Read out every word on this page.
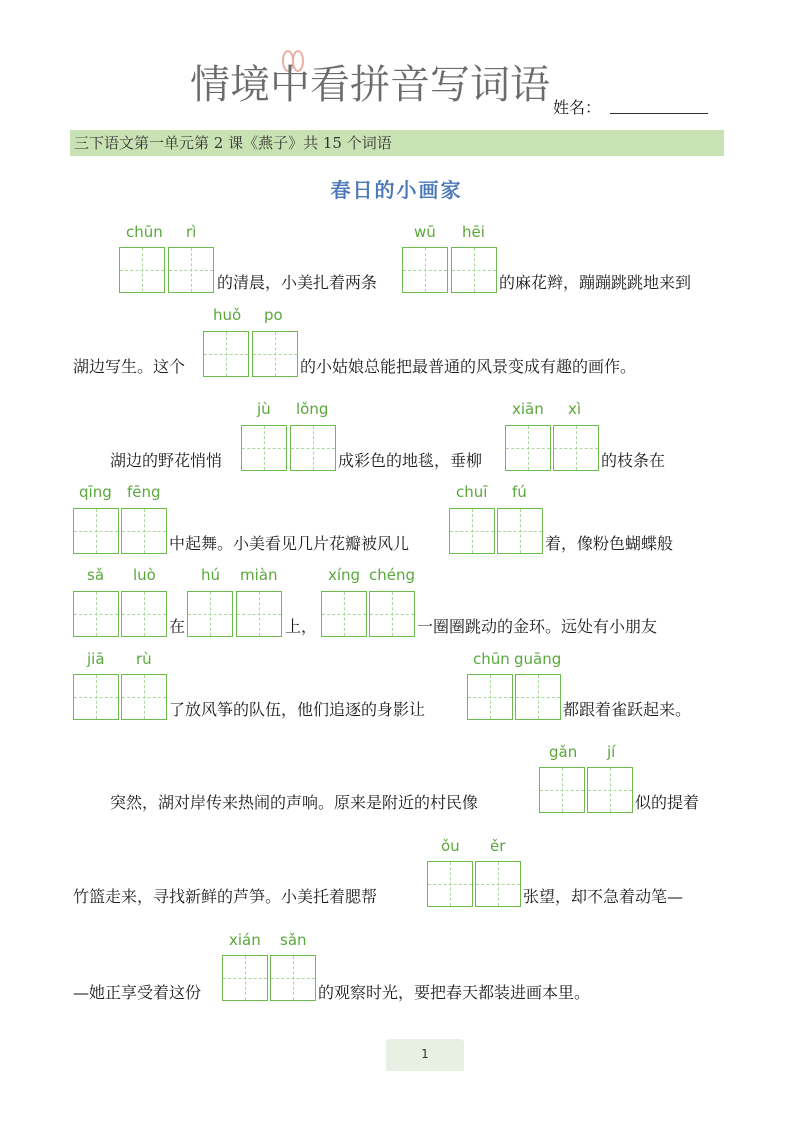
情境中看拼音写词语 姓名：
三下语文第一单元第 2 课《燕子》共 15 个词语
春日的小画家
chūn rì
的清晨，小美扎着两条
wū hēi
的麻花辫，蹦蹦跳跳地来到
huǒ po
湖边写生。这个	的小姑娘总能把最普通的风景变成有趣的画作。
jù lǒng
湖边的野花悄悄	成彩色的地毯，垂柳
xiān xì
的枝条在
qīng fēng
中起舞。小美看见几片花瓣被风儿
chuī fú
着，像粉色蝴蝶般
sǎ luò
在
hú miàn
上，
xíng chéng
一圈圈跳动的金环。远处有小朋友
jiā rù
了放风筝的队伍，他们追逐的身影让
chūn guāng
都跟着雀跃起来。
gǎn jí
突然，湖对岸传来热闹的声响。原来是附近的村民像	似的提着
ǒu ěr
竹篮走来，寻找新鲜的芦笋。小美托着腮帮	张望，却不急着动笔—
xián sǎn
—她正享受着这份	的观察时光，要把春天都装进画本里。
1
